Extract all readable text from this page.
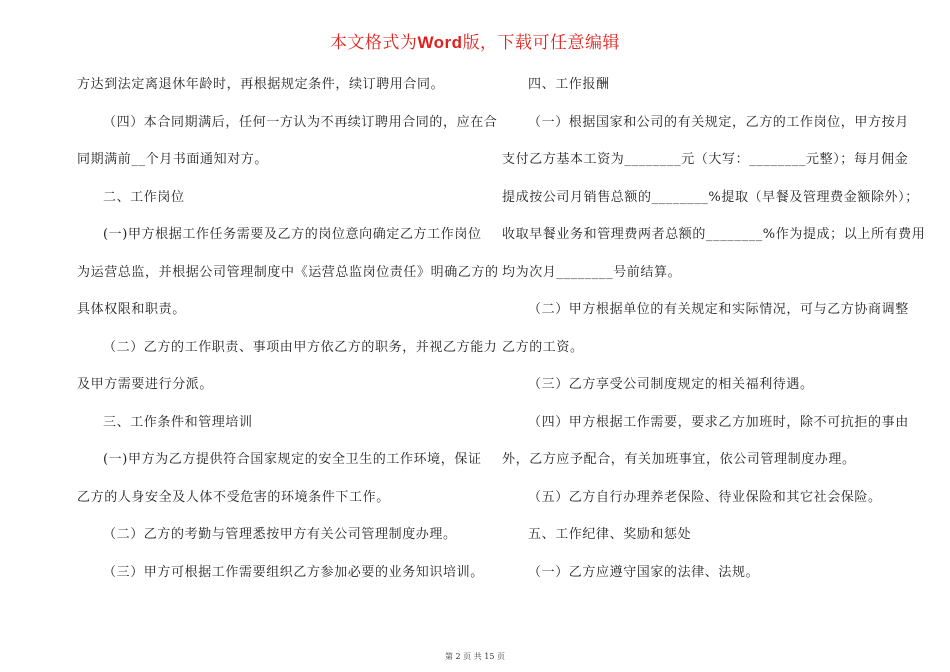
本文格式为Word版，下载可任意编辑
方达到法定离退休年龄时，再根据规定条件，续订聘用合同。
（四）本合同期满后，任何一方认为不再续订聘用合同的，应在合
同期满前__个月书面通知对方。
二、工作岗位
(一)甲方根据工作任务需要及乙方的岗位意向确定乙方工作岗位
为运营总监，并根据公司管理制度中《运营总监岗位责任》明确乙方的
具体权限和职责。
（二）乙方的工作职责、事项由甲方依乙方的职务，并视乙方能力
及甲方需要进行分派。
三、工作条件和管理培训
(一)甲方为乙方提供符合国家规定的安全卫生的工作环境，保证
乙方的人身安全及人体不受危害的环境条件下工作。
（二）乙方的考勤与管理悉按甲方有关公司管理制度办理。
（三）甲方可根据工作需要组织乙方参加必要的业务知识培训。
四、工作报酬
（一）根据国家和公司的有关规定，乙方的工作岗位，甲方按月
支付乙方基本工资为________元（大写：________元整）；每月佣金
提成按公司月销售总额的________%提取（早餐及管理费金额除外）；
收取早餐业务和管理费两者总额的________%作为提成；以上所有费用
均为次月________号前结算。
（二）甲方根据单位的有关规定和实际情况，可与乙方协商调整
乙方的工资。
（三）乙方享受公司制度规定的相关福利待遇。
（四）甲方根据工作需要，要求乙方加班时，除不可抗拒的事由
外，乙方应予配合，有关加班事宜，依公司管理制度办理。
（五）乙方自行办理养老保险、待业保险和其它社会保险。
五、工作纪律、奖励和惩处
（一）乙方应遵守国家的法律、法规。
第 2 页 共 15 页
